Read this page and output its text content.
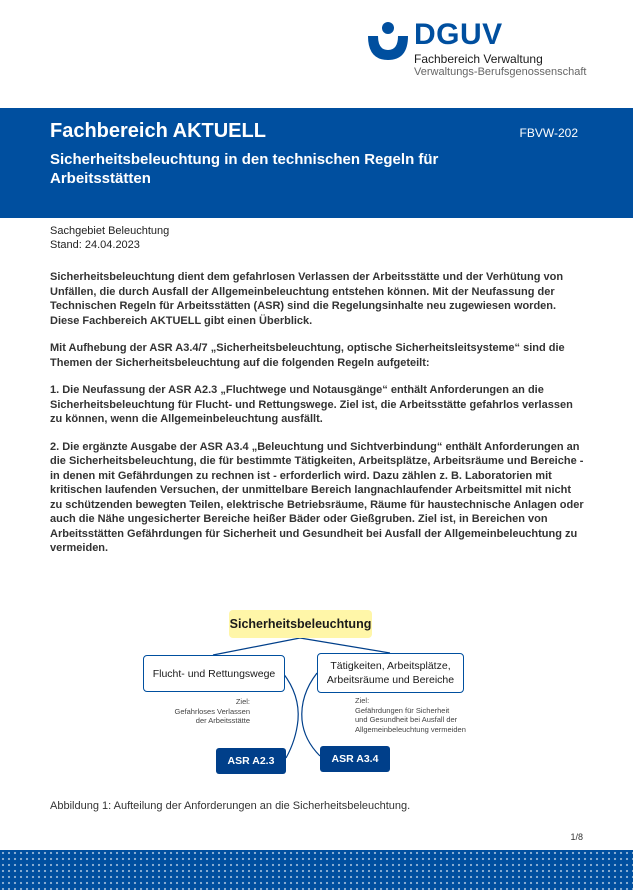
DGUV
Fachbereich Verwaltung
Verwaltungs-Berufsgenossenschaft
Fachbereich AKTUELL	FBVW-202
Sicherheitsbeleuchtung in den technischen Regeln für Arbeitsstätten
Sachgebiet Beleuchtung
Stand: 24.04.2023

Sicherheitsbeleuchtung dient dem gefahrlosen Verlassen der Arbeitsstätte und der Verhütung von Unfällen, die durch Ausfall der Allgemeinbeleuchtung entstehen können. Mit der Neufassung der Technischen Regeln für Arbeitsstätten (ASR) sind die Regelungsinhalte neu zugewiesen worden. Diese Fachbereich AKTUELL gibt einen Überblick.

Mit Aufhebung der ASR A3.4/7 „Sicherheitsbeleuchtung, optische Sicherheitsleitsysteme“ sind die Themen der Sicherheitsbeleuchtung auf die folgenden Regeln aufgeteilt:

1. Die Neufassung der ASR A2.3 „Fluchtwege und Notausgänge“ enthält Anforderungen an die Sicherheitsbeleuchtung für Flucht- und Rettungswege. Ziel ist, die Arbeitsstätte gefahrlos verlassen zu können, wenn die Allgemeinbeleuchtung ausfällt.

2. Die ergänzte Ausgabe der ASR A3.4 „Beleuchtung und Sichtverbindung“ enthält Anforderungen an die Sicherheitsbeleuchtung, die für bestimmte Tätigkeiten, Arbeitsplätze, Arbeitsräume und Bereiche - in denen mit Gefährdungen zu rechnen ist - erforderlich wird. Dazu zählen z. B. Laboratorien mit kritischen laufenden Versuchen, der unmittelbare Bereich langnachlaufender Arbeitsmittel mit nicht zu schützenden bewegten Teilen, elektrische Betriebsräume, Räume für haustechnische Anlagen oder auch die Nähe ungesicherter Bereiche heißer Bäder oder Gießgruben. Ziel ist, in Bereichen von Arbeitsstätten Gefährdungen für Sicherheit und Gesundheit bei Ausfall der Allgemeinbeleuchtung zu vermeiden.

Sicherheitsbeleuchtung
Flucht- und Rettungswege
Tätigkeiten, Arbeitsplätze,
Arbeitsräume und Bereiche
Ziel:
Gefahrloses Verlassen
der Arbeitsstätte
Ziel:
Gefährdungen für Sicherheit
und Gesundheit bei Ausfall der
Allgemeinbeleuchtung vermeiden
ASR A2.3	ASR A3.4
Abbildung 1: Aufteilung der Anforderungen an die Sicherheitsbeleuchtung.
1/8
